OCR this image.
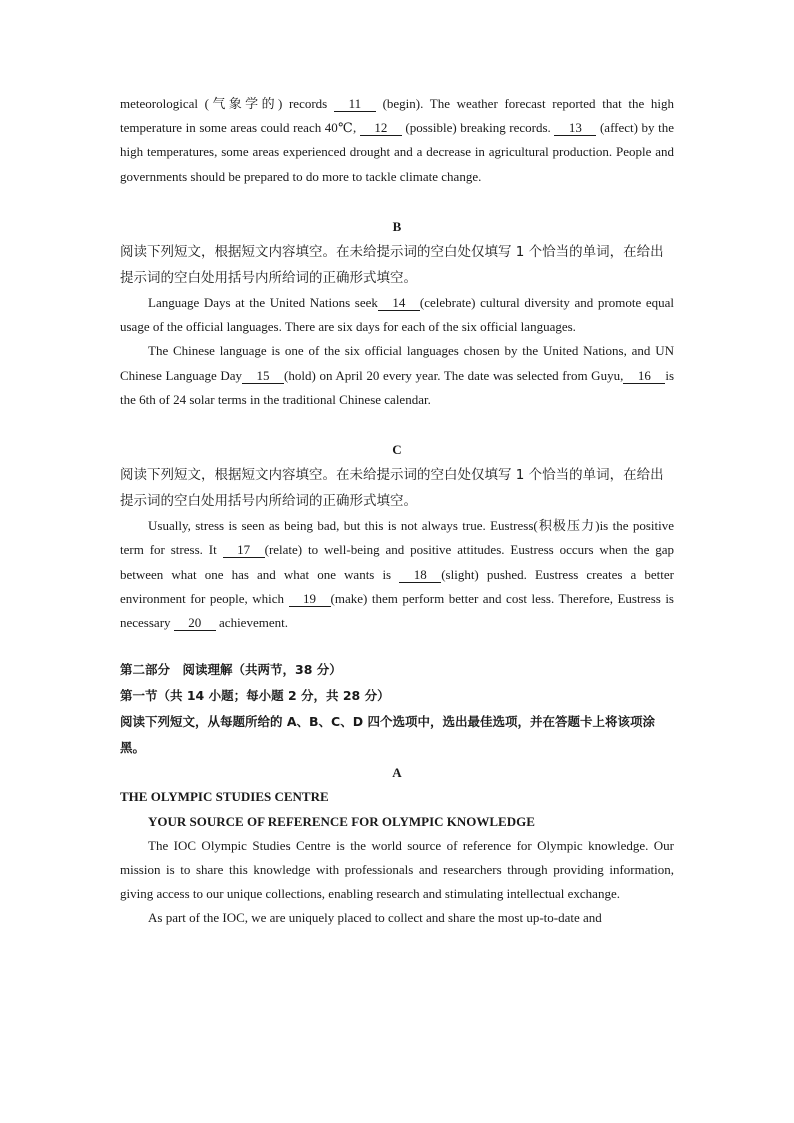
meteorological (气象学的) records 11 (begin). The weather forecast reported that the high temperature in some areas could reach 40℃, 12 (possible) breaking records. 13 (affect) by the high temperatures, some areas experienced drought and a decrease in agricultural production. People and governments should be prepared to do more to tackle climate change.

B

阅读下列短文，根据短文内容填空。在未给提示词的空白处仅填写 1 个恰当的单词，在给出提示词的空白处用括号内所给词的正确形式填空。

Language Days at the United Nations seek 14 (celebrate) cultural diversity and promote equal usage of the official languages. There are six days for each of the six official languages.

The Chinese language is one of the six official languages chosen by the United Nations, and UN Chinese Language Day 15 (hold) on April 20 every year. The date was selected from Guyu, 16 is the 6th of 24 solar terms in the traditional Chinese calendar.

C

阅读下列短文，根据短文内容填空。在未给提示词的空白处仅填写 1 个恰当的单词，在给出提示词的空白处用括号内所给词的正确形式填空。

Usually, stress is seen as being bad, but this is not always true. Eustress(积极压力)is the positive term for stress. It 17 (relate) to well-being and positive attitudes. Eustress occurs when the gap between what one has and what one wants is 18 (slight) pushed. Eustress creates a better environment for people, which 19 (make) them perform better and cost less. Therefore, Eustress is necessary 20 achievement.

第二部分　阅读理解（共两节，38 分）

第一节（共 14 小题；每小题 2 分，共 28 分）

阅读下列短文，从每题所给的 A、B、C、D 四个选项中，选出最佳选项，并在答题卡上将该项涂黑。

A

THE OLYMPIC STUDIES CENTRE

YOUR SOURCE OF REFERENCE FOR OLYMPIC KNOWLEDGE

The IOC Olympic Studies Centre is the world source of reference for Olympic knowledge. Our mission is to share this knowledge with professionals and researchers through providing information, giving access to our unique collections, enabling research and stimulating intellectual exchange.

As part of the IOC, we are uniquely placed to collect and share the most up-to-date and
